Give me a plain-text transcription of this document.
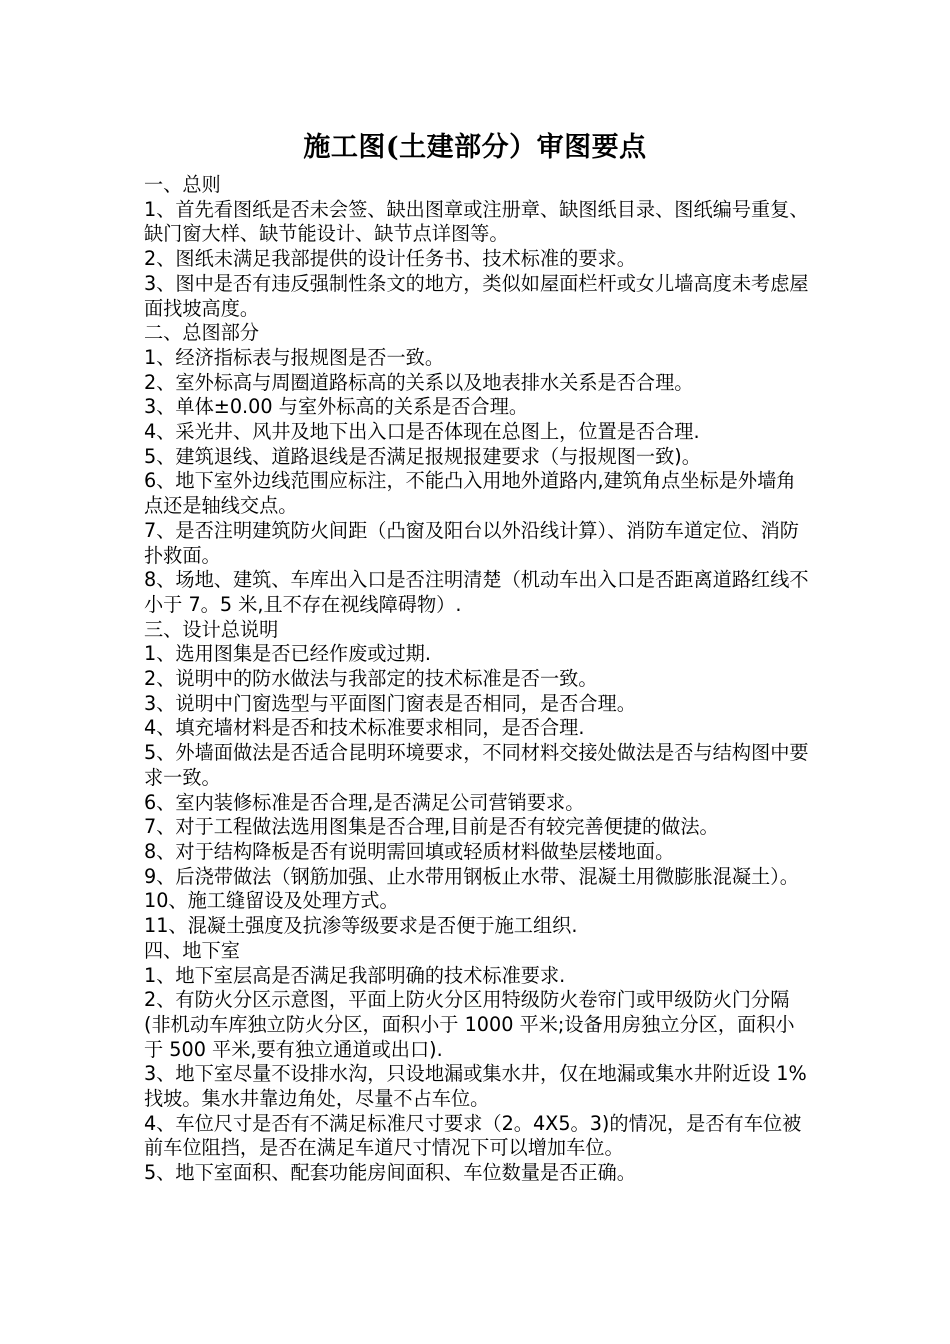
施工图(土建部分）审图要点

一、总则

1、首先看图纸是否未会签、缺出图章或注册章、缺图纸目录、图纸编号重复、缺门窗大样、缺节能设计、缺节点详图等。

2、图纸未满足我部提供的设计任务书、技术标准的要求。

3、图中是否有违反强制性条文的地方，类似如屋面栏杆或女儿墙高度未考虑屋面找坡高度。

二、总图部分

1、经济指标表与报规图是否一致。

2、室外标高与周圈道路标高的关系以及地表排水关系是否合理。

3、单体±0.00 与室外标高的关系是否合理。

4、采光井、风井及地下出入口是否体现在总图上，位置是否合理.

5、建筑退线、道路退线是否满足报规报建要求（与报规图一致)。

6、地下室外边线范围应标注，不能凸入用地外道路内,建筑角点坐标是外墙角点还是轴线交点。

7、是否注明建筑防火间距（凸窗及阳台以外沿线计算）、消防车道定位、消防扑救面。

8、场地、建筑、车库出入口是否注明清楚（机动车出入口是否距离道路红线不小于 7。5 米,且不存在视线障碍物）.

三、设计总说明

1、选用图集是否已经作废或过期.

2、说明中的防水做法与我部定的技术标准是否一致。

3、说明中门窗选型与平面图门窗表是否相同，是否合理。

4、填充墙材料是否和技术标准要求相同，是否合理.

5、外墙面做法是否适合昆明环境要求，不同材料交接处做法是否与结构图中要求一致。

6、室内装修标准是否合理,是否满足公司营销要求。

7、对于工程做法选用图集是否合理,目前是否有较完善便捷的做法。

8、对于结构降板是否有说明需回填或轻质材料做垫层楼地面。

9、后浇带做法（钢筋加强、止水带用钢板止水带、混凝土用微膨胀混凝土）。

10、施工缝留设及处理方式。

11、混凝土强度及抗渗等级要求是否便于施工组织.

四、地下室

1、地下室层高是否满足我部明确的技术标准要求.

2、有防火分区示意图，平面上防火分区用特级防火卷帘门或甲级防火门分隔(非机动车库独立防火分区，面积小于 1000 平米;设备用房独立分区，面积小于 500 平米,要有独立通道或出口).

3、地下室尽量不设排水沟，只设地漏或集水井，仅在地漏或集水井附近设 1%找坡。集水井靠边角处，尽量不占车位。

4、车位尺寸是否有不满足标准尺寸要求（2。4X5。3)的情况，是否有车位被前车位阻挡，是否在满足车道尺寸情况下可以增加车位。

5、地下室面积、配套功能房间面积、车位数量是否正确。
